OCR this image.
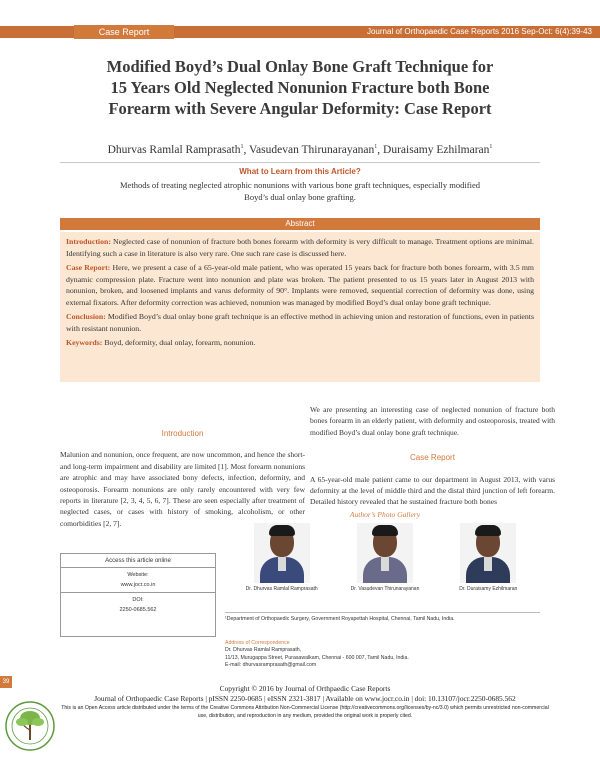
Case Report	Journal of Orthopaedic Case Reports 2016 Sep-Oct: 6(4):39-43
Modified Boyd’s Dual Onlay Bone Graft Technique for
15 Years Old Neglected Nonunion Fracture both Bone
Forearm with Severe Angular Deformity: Case Report
Dhurvas Ramlal Ramprasath$^1$, Vasudevan Thirunarayanan$^1$, Duraisamy Ezhilmaran$^1$
What to Learn from this Article?
Methods of treating neglected atrophic nonunions with various bone graft techniques, especially modified Boyd’s dual onlay bone grafting.
Abstract

Introduction: Neglected case of nonunion of fracture both bones forearm with deformity is very difficult to manage. Treatment options are minimal. Identifying such a case in literature is also very rare. One such rare case is discussed here.

Case Report: Here, we present a case of a 65-year-old male patient, who was operated 15 years back for fracture both bones forearm, with 3.5 mm dynamic compression plate. Fracture went into nonunion and plate was broken. The patient presented to us 15 years later in August 2013 with nonunion, broken, and loosened implants and varus deformity of 90°. Implants were removed, sequential correction of deformity was done, using external fixators. After deformity correction was achieved, nonunion was managed by modified Boyd’s dual onlay bone graft technique.

Conclusion: Modified Boyd’s dual onlay bone graft technique is an effective method in achieving union and restoration of functions, even in patients with resistant nonunion.

Keywords: Boyd, deformity, dual onlay, forearm, nonunion.

Introduction
Malunion and nonunion, once frequent, are now uncommon, and hence the short- and long-term impairment and disability are limited [1]. Most forearm nonunions are atrophic and may have associated bony defects, infection, deformity, and osteoporosis. Forearm nonunions are only rarely encountered with very few reports in literature [2, 3, 4, 5, 6, 7]. These are seen especially after treatment of neglected cases, or cases with history of smoking, alcoholism, or other comorbidities [2, 7].
We are presenting an interesting case of neglected nonunion of fracture both bones forearm in an elderly patient, with deformity and osteoporosis, treated with modified Boyd’s dual onlay bone graft technique.
Case Report
A 65-year-old male patient came to our department in August 2013, with varus deformity at the level of middle third and the distal third junction of left forearm. Detailed history revealed that he sustained fracture both bones
Author’s Photo Gallery
Dr. Dhurvas Ramlal Ramprasath	Dr. Vasudevan Thirunarayanan	Dr. Duraisamy Ezhilmaran
Access this article online
Website:
www.jocr.co.in
DOI:
2250-0685.562
¹Department of Orthopaedic Surgery, Government Royapettah Hospital, Chennai, Tamil Nadu, India.
Address of Correspondence
Dr. Dhurvas Ramlal Ramprasath,
11/13, Murugappa Street, Purasawalkam, Chennai - 600 007, Tamil Nadu, India.
E-mail: dhurvasramprasath@gmail.com
39
Copyright © 2016 by Journal of Orthpaedic Case Reports
Journal of Orthopaedic Case Reports | pISSN 2250-0685 | eISSN 2321-3817 | Available on www.jocr.co.in | doi: 10.13107/jocr.2250-0685.562
This is an Open Access article distributed under the terms of the Creative Commons Attribution Non-Commercial License (http://creativecommons.org/licenses/by-nc/3.0) which permits unrestricted non-commercial use, distribution, and reproduction in any medium, provided the original work is properly cited.
